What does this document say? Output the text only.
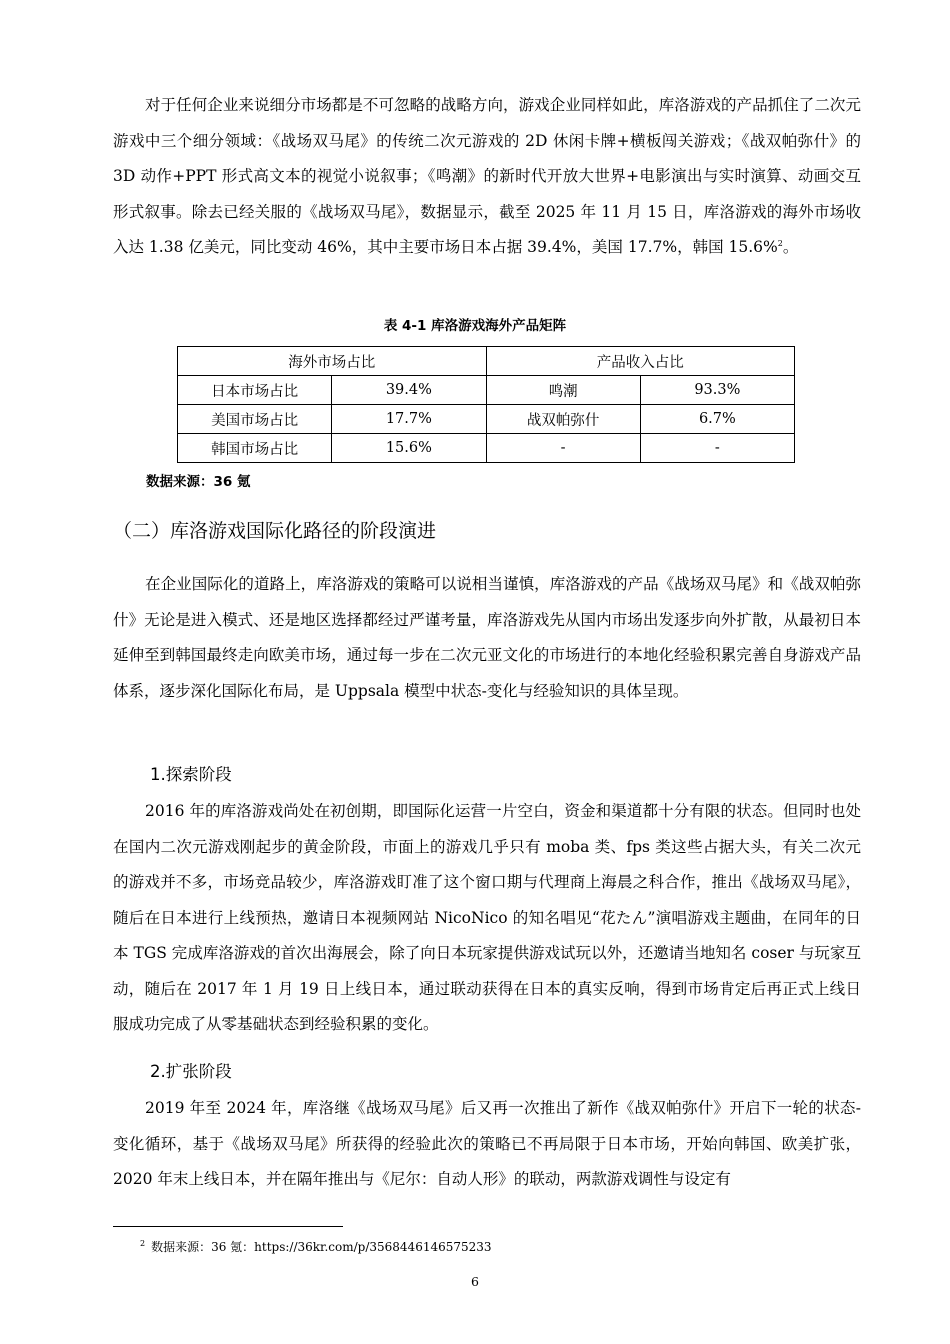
对于任何企业来说细分市场都是不可忽略的战略方向，游戏企业同样如此，库洛游戏的产品抓住了二次元游戏中三个细分领域：《战场双马尾》的传统二次元游戏的 2D 休闲卡牌+横板闯关游戏；《战双帕弥什》的 3D 动作+PPT 形式高文本的视觉小说叙事；《鸣潮》的新时代开放大世界+电影演出与实时演算、动画交互形式叙事。除去已经关服的《战场双马尾》，数据显示，截至 2025 年 11 月 15 日，库洛游戏的海外市场收入达 1.38 亿美元，同比变动 46%，其中主要市场日本占据 39.4%，美国 17.7%，韩国 15.6%$^2$。

表 4-1 库洛游戏海外产品矩阵

海外市场占比		产品收入占比	
日本市场占比	39.4%	鸣潮	93.3%
美国市场占比	17.7%	战双帕弥什	6.7%
韩国市场占比	15.6%	-	-

数据来源：36 氪

（二）库洛游戏国际化路径的阶段演进

在企业国际化的道路上，库洛游戏的策略可以说相当谨慎，库洛游戏的产品《战场双马尾》和《战双帕弥什》无论是进入模式、还是地区选择都经过严谨考量，库洛游戏先从国内市场出发逐步向外扩散，从最初日本延伸至到韩国最终走向欧美市场，通过每一步在二次元亚文化的市场进行的本地化经验积累完善自身游戏产品体系，逐步深化国际化布局，是 Uppsala 模型中状态-变化与经验知识的具体呈现。

1.探索阶段

2016 年的库洛游戏尚处在初创期，即国际化运营一片空白，资金和渠道都十分有限的状态。但同时也处在国内二次元游戏刚起步的黄金阶段，市面上的游戏几乎只有 moba 类、fps 类这些占据大头，有关二次元的游戏并不多，市场竞品较少，库洛游戏盯准了这个窗口期与代理商上海晨之科合作，推出《战场双马尾》，随后在日本进行上线预热，邀请日本视频网站 NicoNico 的知名唱见“花たん”演唱游戏主题曲，在同年的日本 TGS 完成库洛游戏的首次出海展会，除了向日本玩家提供游戏试玩以外，还邀请当地知名 coser 与玩家互动，随后在 2017 年 1 月 19 日上线日本，通过联动获得在日本的真实反响，得到市场肯定后再正式上线日服成功完成了从零基础状态到经验积累的变化。

2.扩张阶段

2019 年至 2024 年，库洛继《战场双马尾》后又再一次推出了新作《战双帕弥什》开启下一轮的状态-变化循环，基于《战场双马尾》所获得的经验此次的策略已不再局限于日本市场，开始向韩国、欧美扩张，2020 年末上线日本，并在隔年推出与《尼尔：自动人形》的联动，两款游戏调性与设定有

$^2$ 数据来源：36 氪：https://36kr.com/p/3568446146575233

6
